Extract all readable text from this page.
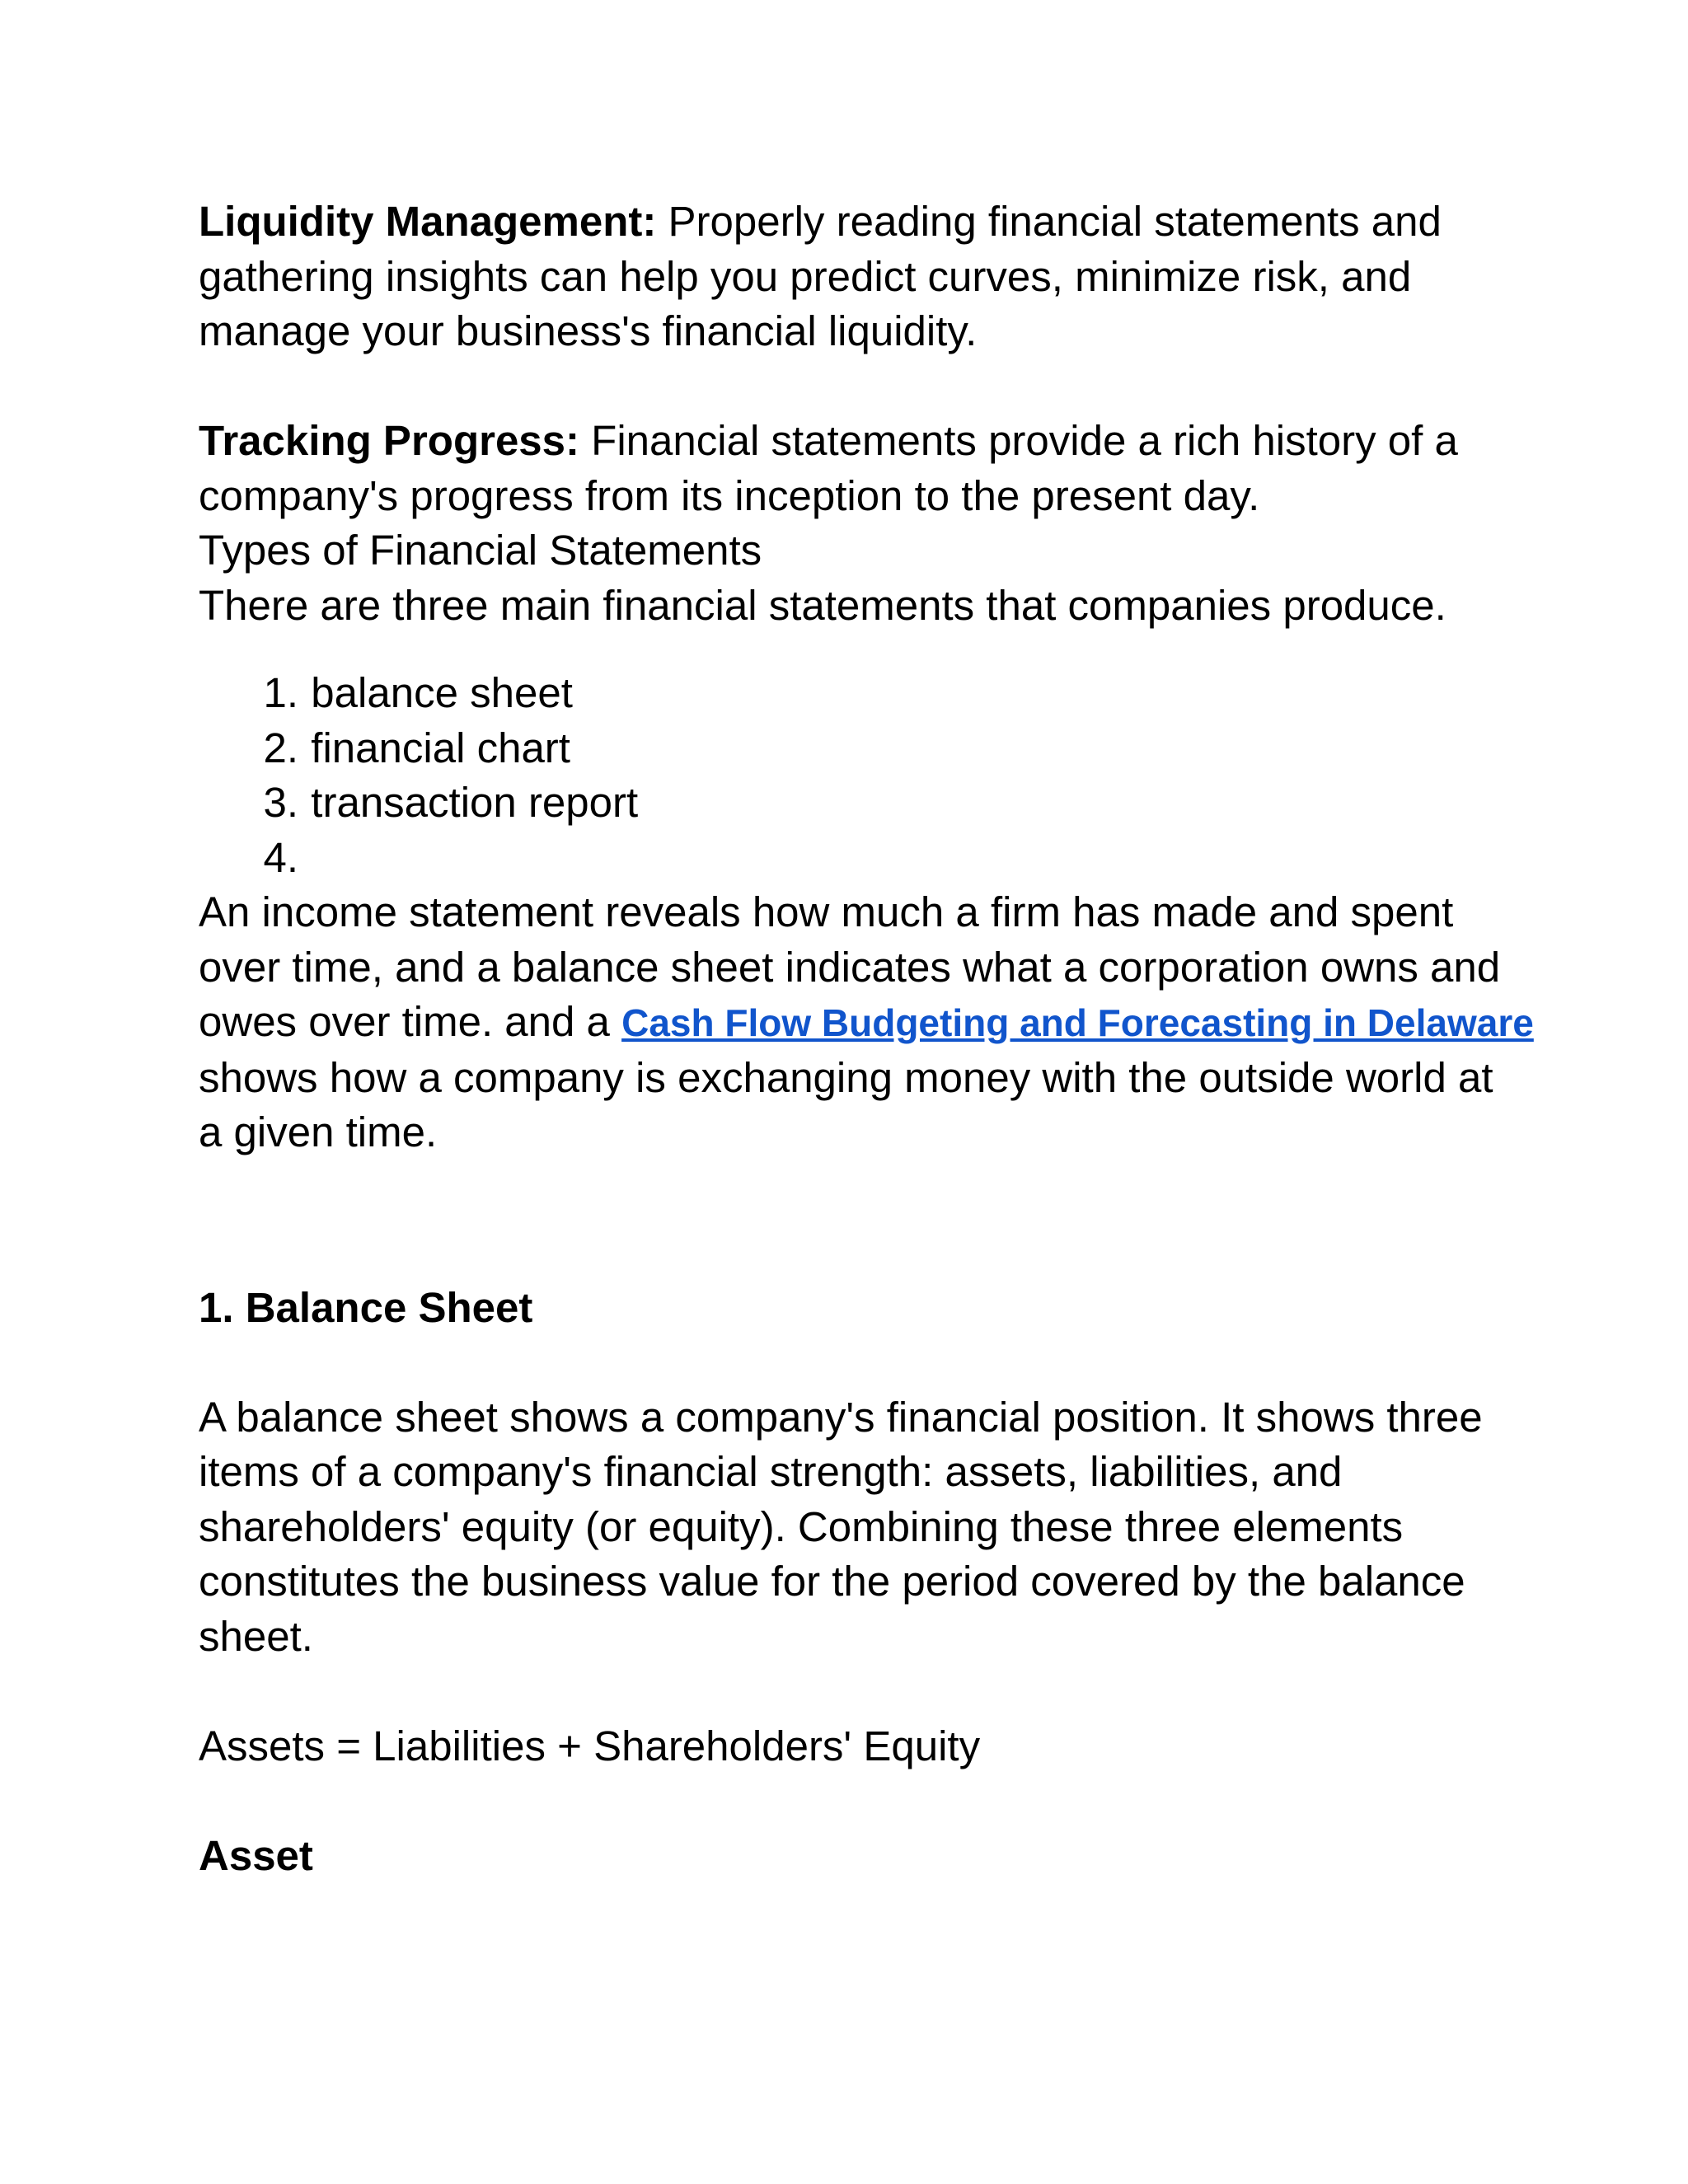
Liquidity Management: Properly reading financial statements and

gathering insights can help you predict curves, minimize risk, and

manage your business's financial liquidity.

Tracking Progress: Financial statements provide a rich history of a

company's progress from its inception to the present day.

Types of Financial Statements

There are three main financial statements that companies produce.

1. balance sheet
2. financial chart
3. transaction report
4.

An income statement reveals how much a firm has made and spent

over time, and a balance sheet indicates what a corporation owns and

owes over time. and a Cash Flow Budgeting and Forecasting in Delaware

shows how a company is exchanging money with the outside world at

a given time.

1. Balance Sheet

A balance sheet shows a company's financial position. It shows three

items of a company's financial strength: assets, liabilities, and

shareholders' equity (or equity). Combining these three elements

constitutes the business value for the period covered by the balance

sheet.

Assets = Liabilities + Shareholders' Equity

Asset
